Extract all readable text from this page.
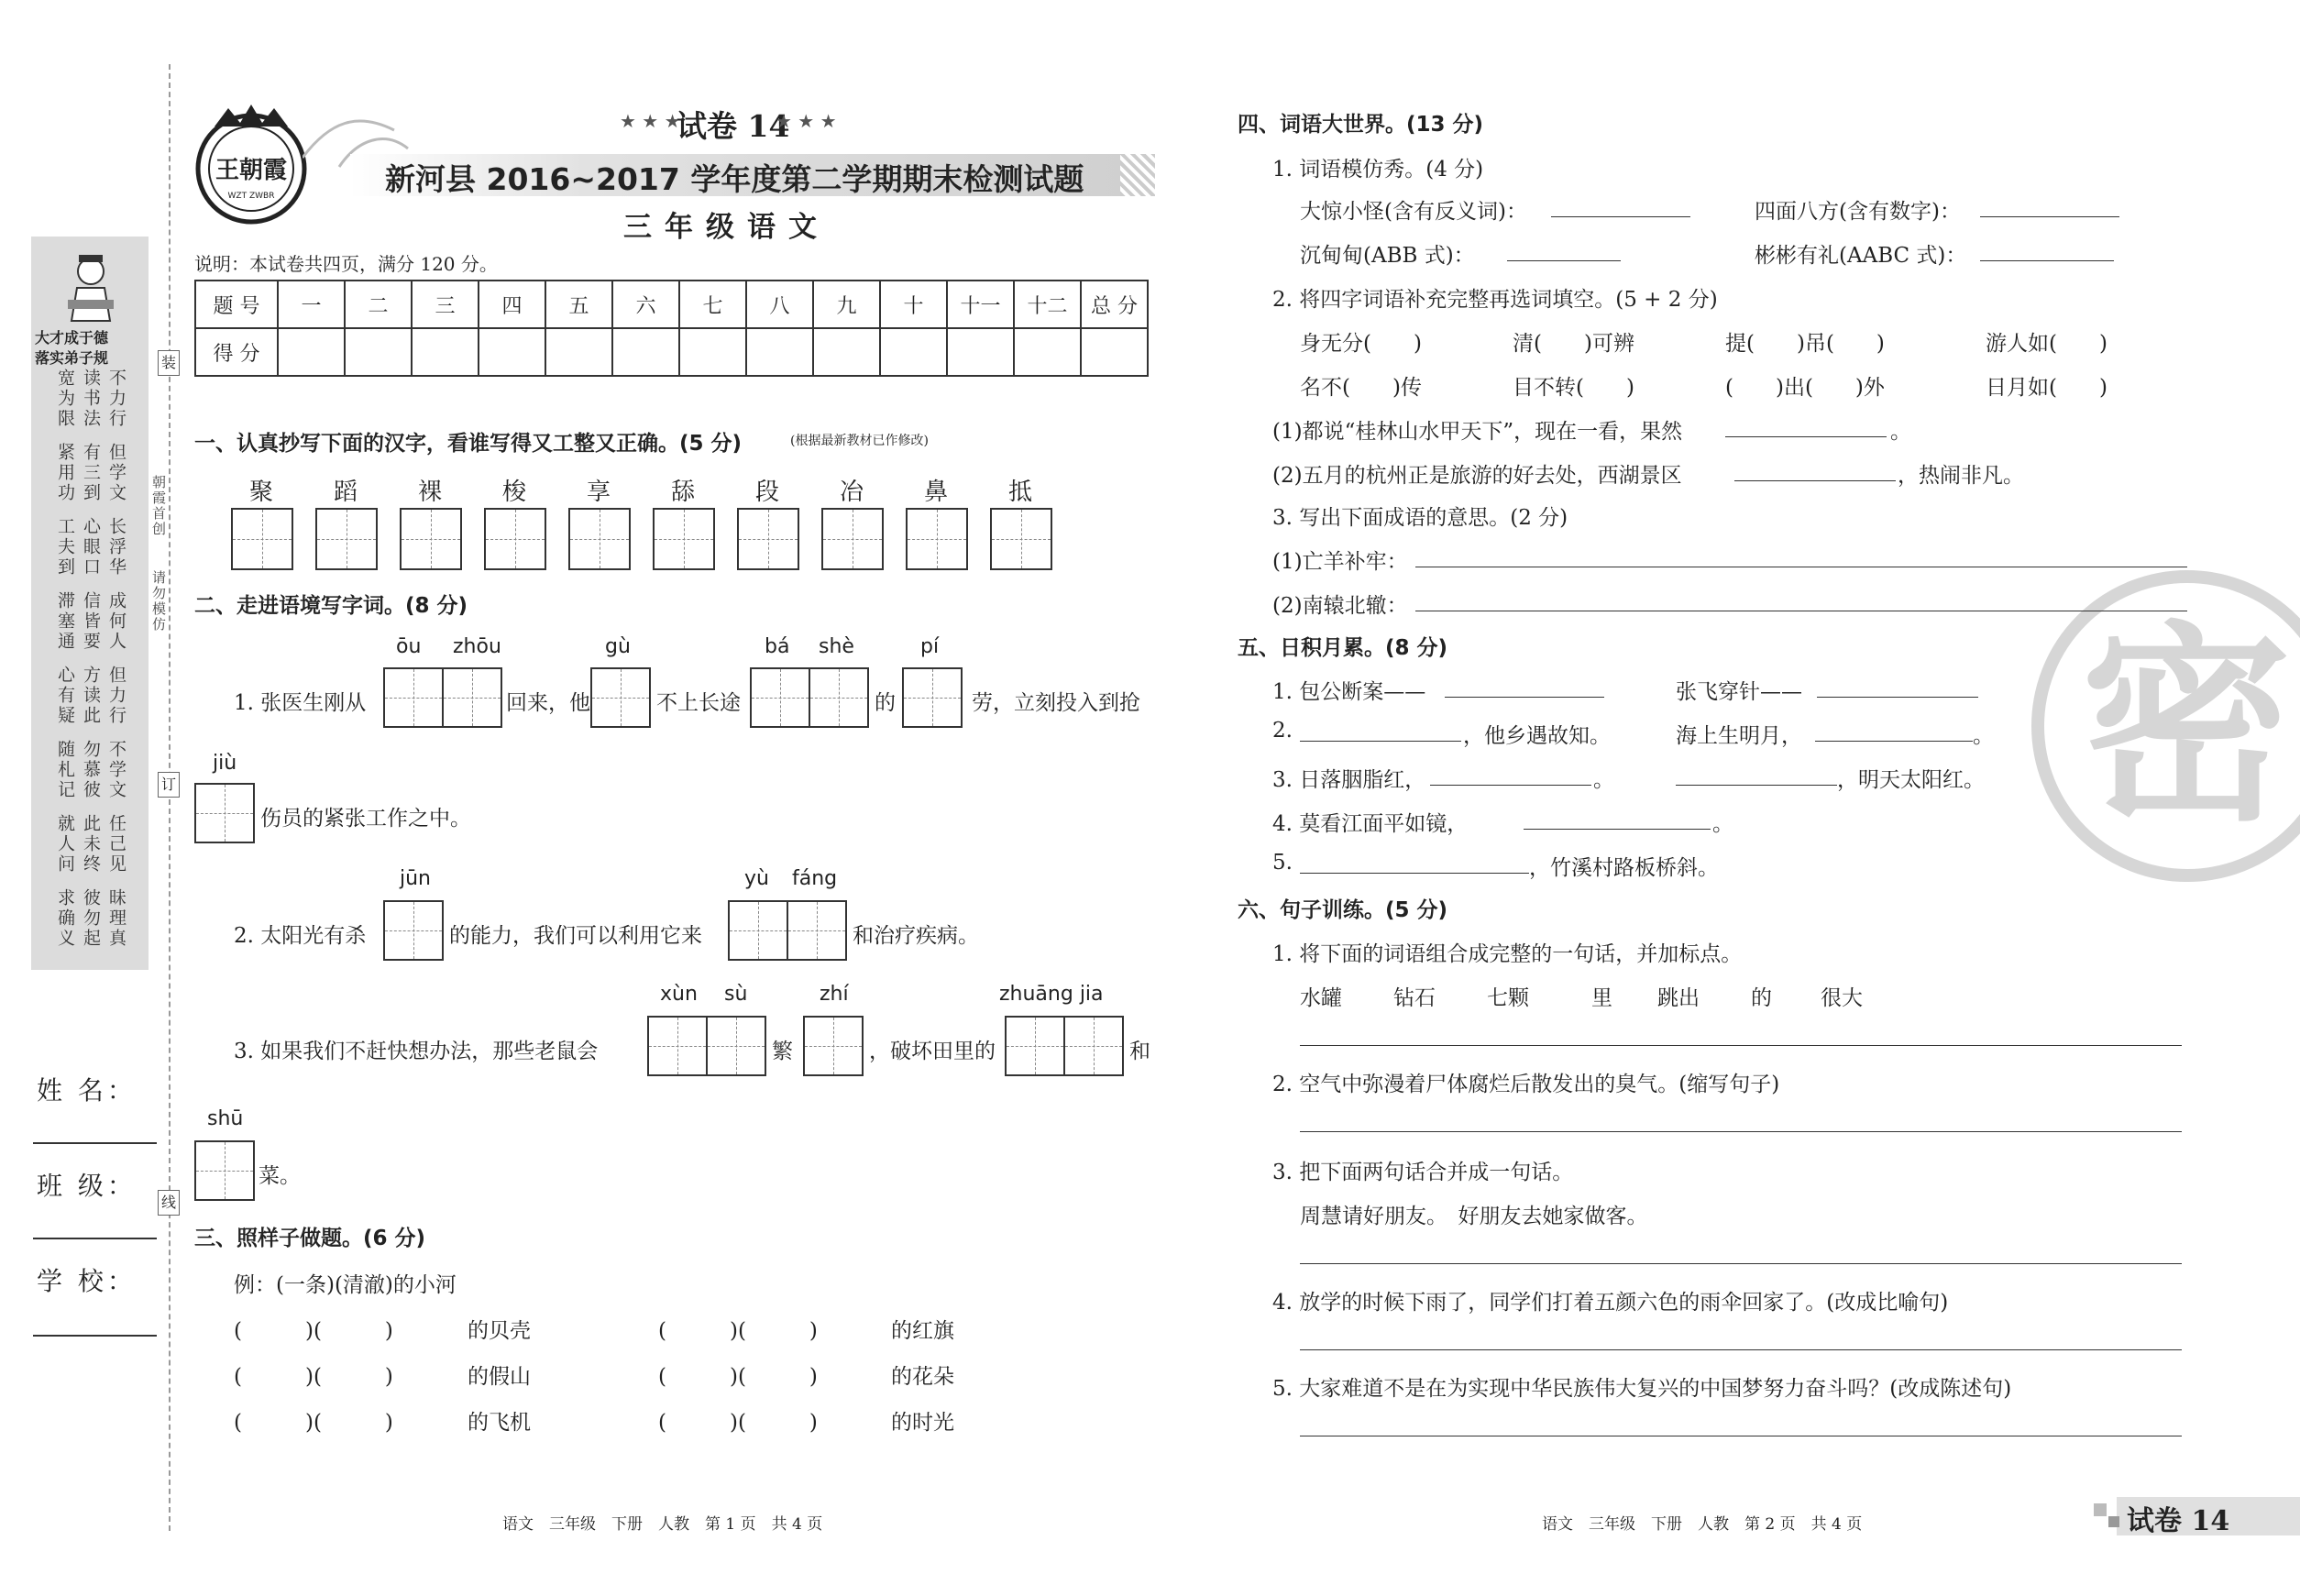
大才成于德
落实弟子规
宽为限 读书法 不力行
紧用功 有三到 但学文
工夫到 心眼口 长浮华
滞塞通 信皆要 成何人
心有疑 方读此 但力行
随札记 勿慕彼 不学文
就人问 此未终 任己见
求确义 彼勿起 昧理真
装
订
线
朝霞首创
请勿模仿
姓 名：
班 级：
学 校：
王朝霞
WZT ZWBR
★ ★ ★
试卷 14
★ ★ ★
新河县 2016~2017 学年度第二学期期末检测试题
三年级语文
说明：本试卷共四页，满分 120 分。
题 号	一	二	三	四	五	六	七	八	九	十	十一	十二	总 分
得 分													
一、认真抄写下面的汉字，看谁写得又工整又正确。(5 分)	(根据最新教材已作修改)
聚	蹈	裸	梭	享	舔	段	冶	鼻	抵
二、走进语境写字词。(8 分)
ōu zhōu	gù	bá shè	pí
1. 张医生刚从	回来，他	不上长途	的	劳，立刻投入到抢
jiù
伤员的紧张工作之中。
jūn	yù fáng
2. 太阳光有杀	的能力，我们可以利用它来	和治疗疾病。
xùn sù	zhí	zhuāng jia
3. 如果我们不赶快想办法，那些老鼠会	繁	，破坏田里的	和
shū
菜。
三、照样子做题。(6 分)
例：(一条)(清澈)的小河
(　　　)(　　　)	的贝壳	(　　　)(　　　)	的红旗
(　　　)(　　　)	的假山	(　　　)(　　　)	的花朵
(　　　)(　　　)	的飞机	(　　　)(　　　)	的时光
语文　三年级　下册　人教　第 1 页　共 4 页
密
四、词语大世界。(13 分)
1. 词语模仿秀。(4 分)
大惊小怪(含有反义词)：	四面八方(含有数字)：
沉甸甸(ABB 式)：	彬彬有礼(AABC 式)：
2. 将四字词语补充完整再选词填空。(5 + 2 分)
身无分(　　)	清(　　)可辨	提(　　)吊(　　)	游人如(　　)
名不(　　)传	目不转(　　)	(　　)出(　　)外	日月如(　　)
(1)都说“桂林山水甲天下”，现在一看，果然	。
(2)五月的杭州正是旅游的好去处，西湖景区	，热闹非凡。
3. 写出下面成语的意思。(2 分)
(1)亡羊补牢：
(2)南辕北辙：
五、日积月累。(8 分)
1. 包公断案——	张飞穿针——
2.	，他乡遇故知。	海上生明月，	。
3. 日落胭脂红，	。	，明天太阳红。
4. 莫看江面平如镜，	。
5.	，竹溪村路板桥斜。
六、句子训练。(5 分)
1. 将下面的词语组合成完整的一句话，并加标点。
水罐 钻石 七颗	里 跳出 的 很大
2. 空气中弥漫着尸体腐烂后散发出的臭气。(缩写句子)
3. 把下面两句话合并成一句话。
周慧请好朋友。　好朋友去她家做客。
4. 放学的时候下雨了，同学们打着五颜六色的雨伞回家了。(改成比喻句)
5. 大家难道不是在为实现中华民族伟大复兴的中国梦努力奋斗吗？(改成陈述句)
语文　三年级　下册　人教　第 2 页　共 4 页	试卷 14
